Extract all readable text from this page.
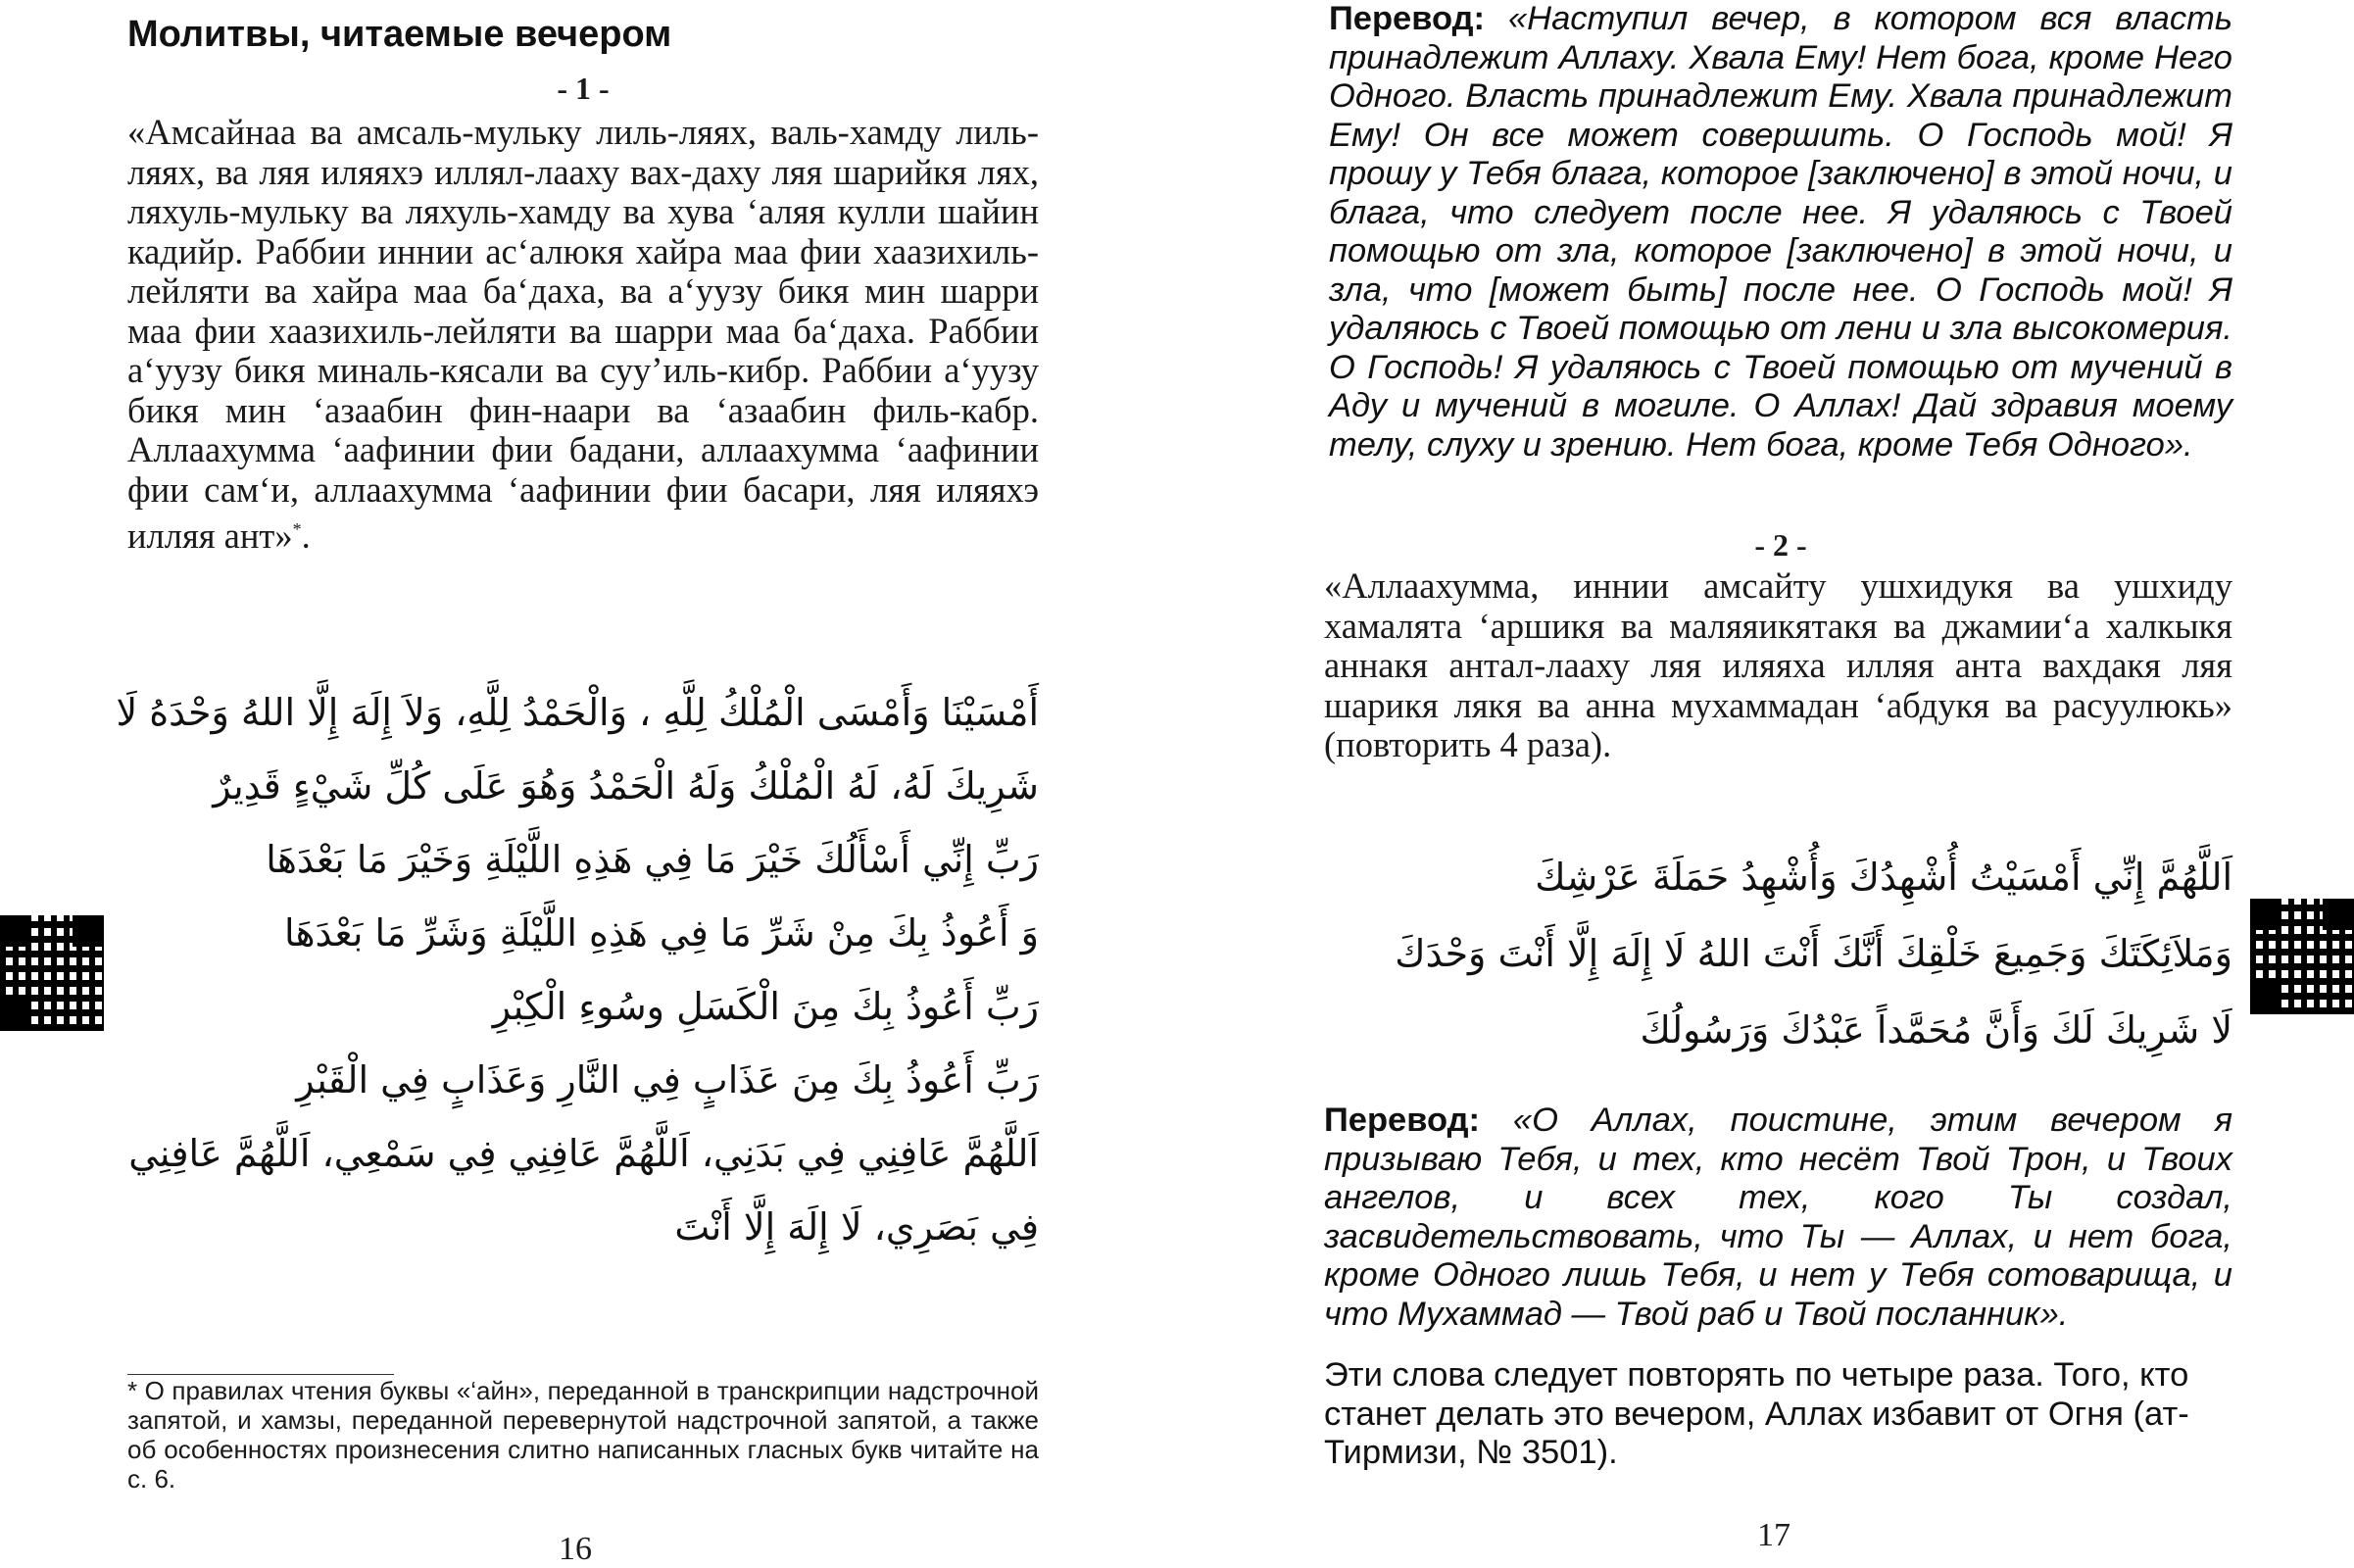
Молитвы, читаемые вечером
- 1 -

«Амсайнаа ва амсаль-мульку лиль-ляях, валь-хамду лиль-ляях, ва ляя иляяхэ иллял-лааху вах-даху ляя шарийкя лях, ляхуль-мульку ва ляхуль-хамду ва хува ‘аляя кулли шайин кадийр. Раббии иннии ас‘алюкя хайра маа фии хаазихиль-лейляти ва хайра маа ба‘даха, ва а‘уузу бикя мин шарри маа фии хаазихиль-лейляти ва шарри маа ба‘даха. Раббии а‘уузу бикя миналь-кясали ва суу’иль-кибр. Раббии а‘уузу бикя мин ‘азаабин фин-наари ва ‘азаабин филь-кабр. Аллаахумма ‘аафинии фии бадани, аллаахумма ‘аафинии фии сам‘и, аллаахумма ‘аафинии фии басари, ляя иляяхэ илляя ант»*.

أَمْسَيْنَا وَأَمْسَى الْمُلْكُ لِلَّهِ ، وَالْحَمْدُ لِلَّهِ، وَلاَ إِلَهَ إِلَّا اللهُ وَحْدَهُ لَا
شَرِيكَ لَهُ، لَهُ الْمُلْكُ وَلَهُ الْحَمْدُ وَهُوَ عَلَى كُلِّ شَيْءٍ قَدِيرٌ
رَبِّ إِنِّي أَسْأَلُكَ خَيْرَ مَا فِي هَذِهِ اللَّيْلَةِ وَخَيْرَ مَا بَعْدَهَا
وَ أَعُوذُ بِكَ مِنْ شَرِّ مَا فِي هَذِهِ اللَّيْلَةِ وَشَرِّ مَا بَعْدَهَا
رَبِّ أَعُوذُ بِكَ مِنَ الْكَسَلِ وسُوءِ الْكِبْرِ
رَبِّ أَعُوذُ بِكَ مِنَ عَذَابٍ فِي النَّارِ وَعَذَابٍ فِي الْقَبْرِ
اَللَّهُمَّ عَافِنِي فِي بَدَنِي، اَللَّهُمَّ عَافِنِي فِي سَمْعِي، اَللَّهُمَّ عَافِنِي
فِي بَصَرِي، لَا إِلَهَ إِلَّا أَنْتَ

* О правилах чтения буквы «‘айн», переданной в транскрипции надстрочной запятой, и хамзы, переданной перевернутой надстрочной запятой, а также об особенностях произнесения слитно написанных гласных букв читайте на с. 6.

16

Перевод: «Наступил вечер, в котором вся власть принадлежит Аллаху. Хвала Ему! Нет бога, кроме Него Одного. Власть принадлежит Ему. Хвала принадлежит Ему! Он все может совершить. О Господь мой! Я прошу у Тебя блага, которое [заключено] в этой ночи, и блага, что следует после нее. Я удаляюсь с Твоей помощью от зла, которое [заключено] в этой ночи, и зла, что [может быть] после нее. О Господь мой! Я удаляюсь с Твоей помощью от лени и зла высокомерия. О Господь! Я удаляюсь с Твоей помощью от мучений в Аду и мучений в могиле. О Аллах! Дай здравия моему телу, слуху и зрению. Нет бога, кроме Тебя Одного».

- 2 -

«Аллаахумма, иннии амсайту ушхидукя ва ушхиду хамалята ‘аршикя ва маляяикятакя ва джамии‘а халкыкя аннакя антал-лааху ляя иляяха илляя анта вахдакя ляя шарикя лякя ва анна мухаммадан ‘абдукя ва расуулюкь» (повторить 4 раза).

اَللَّهُمَّ إِنِّي أَمْسَيْتُ أُشْهِدُكَ وَأُشْهِدُ حَمَلَةَ عَرْشِكَ
وَمَلاَئِكَتَكَ وَجَمِيعَ خَلْقِكَ أَنَّكَ أَنْتَ اللهُ لَا إِلَهَ إِلَّا أَنْتَ وَحْدَكَ
لَا شَرِيكَ لَكَ وَأَنَّ مُحَمَّداً عَبْدُكَ وَرَسُولُكَ

Перевод: «О Аллах, поистине, этим вечером я призываю Тебя, и тех, кто несёт Твой Трон, и Твоих ангелов, и всех тех, кого Ты создал, засвидетельствовать, что Ты — Аллах, и нет бога, кроме Одного лишь Тебя, и нет у Тебя сотоварища, и что Мухаммад — Твой раб и Твой посланник».

Эти слова следует повторять по четыре раза. Того, кто станет делать это вечером, Аллах избавит от Огня (ат-Тирмизи, № 3501).

17
